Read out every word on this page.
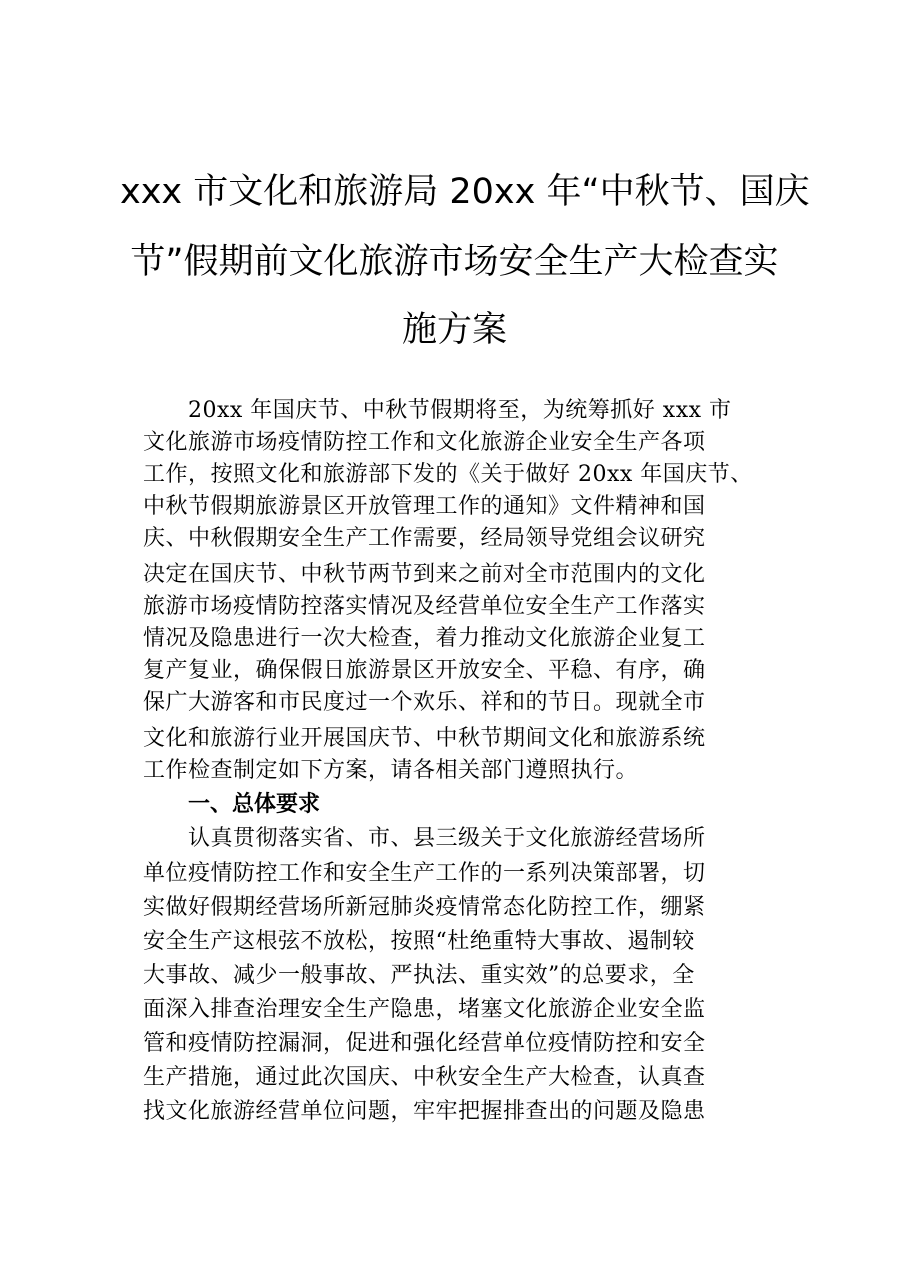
xxx 市文化和旅游局 20xx 年“中秋节、国庆
节”假期前文化旅游市场安全生产大检查实
施方案
20xx 年国庆节、中秋节假期将至，为统筹抓好 xxx 市
文化旅游市场疫情防控工作和文化旅游企业安全生产各项
工作，按照文化和旅游部下发的《关于做好 20xx 年国庆节、
中秋节假期旅游景区开放管理工作的通知》文件精神和国
庆、中秋假期安全生产工作需要，经局领导党组会议研究
决定在国庆节、中秋节两节到来之前对全市范围内的文化
旅游市场疫情防控落实情况及经营单位安全生产工作落实
情况及隐患进行一次大检查，着力推动文化旅游企业复工
复产复业，确保假日旅游景区开放安全、平稳、有序，确
保广大游客和市民度过一个欢乐、祥和的节日。现就全市
文化和旅游行业开展国庆节、中秋节期间文化和旅游系统
工作检查制定如下方案，请各相关部门遵照执行。
一、总体要求
认真贯彻落实省、市、县三级关于文化旅游经营场所
单位疫情防控工作和安全生产工作的一系列决策部署，切
实做好假期经营场所新冠肺炎疫情常态化防控工作，绷紧
安全生产这根弦不放松，按照“杜绝重特大事故、遏制较
大事故、减少一般事故、严执法、重实效”的总要求，全
面深入排查治理安全生产隐患，堵塞文化旅游企业安全监
管和疫情防控漏洞，促进和强化经营单位疫情防控和安全
生产措施，通过此次国庆、中秋安全生产大检查，认真查
找文化旅游经营单位问题，牢牢把握排查出的问题及隐患
